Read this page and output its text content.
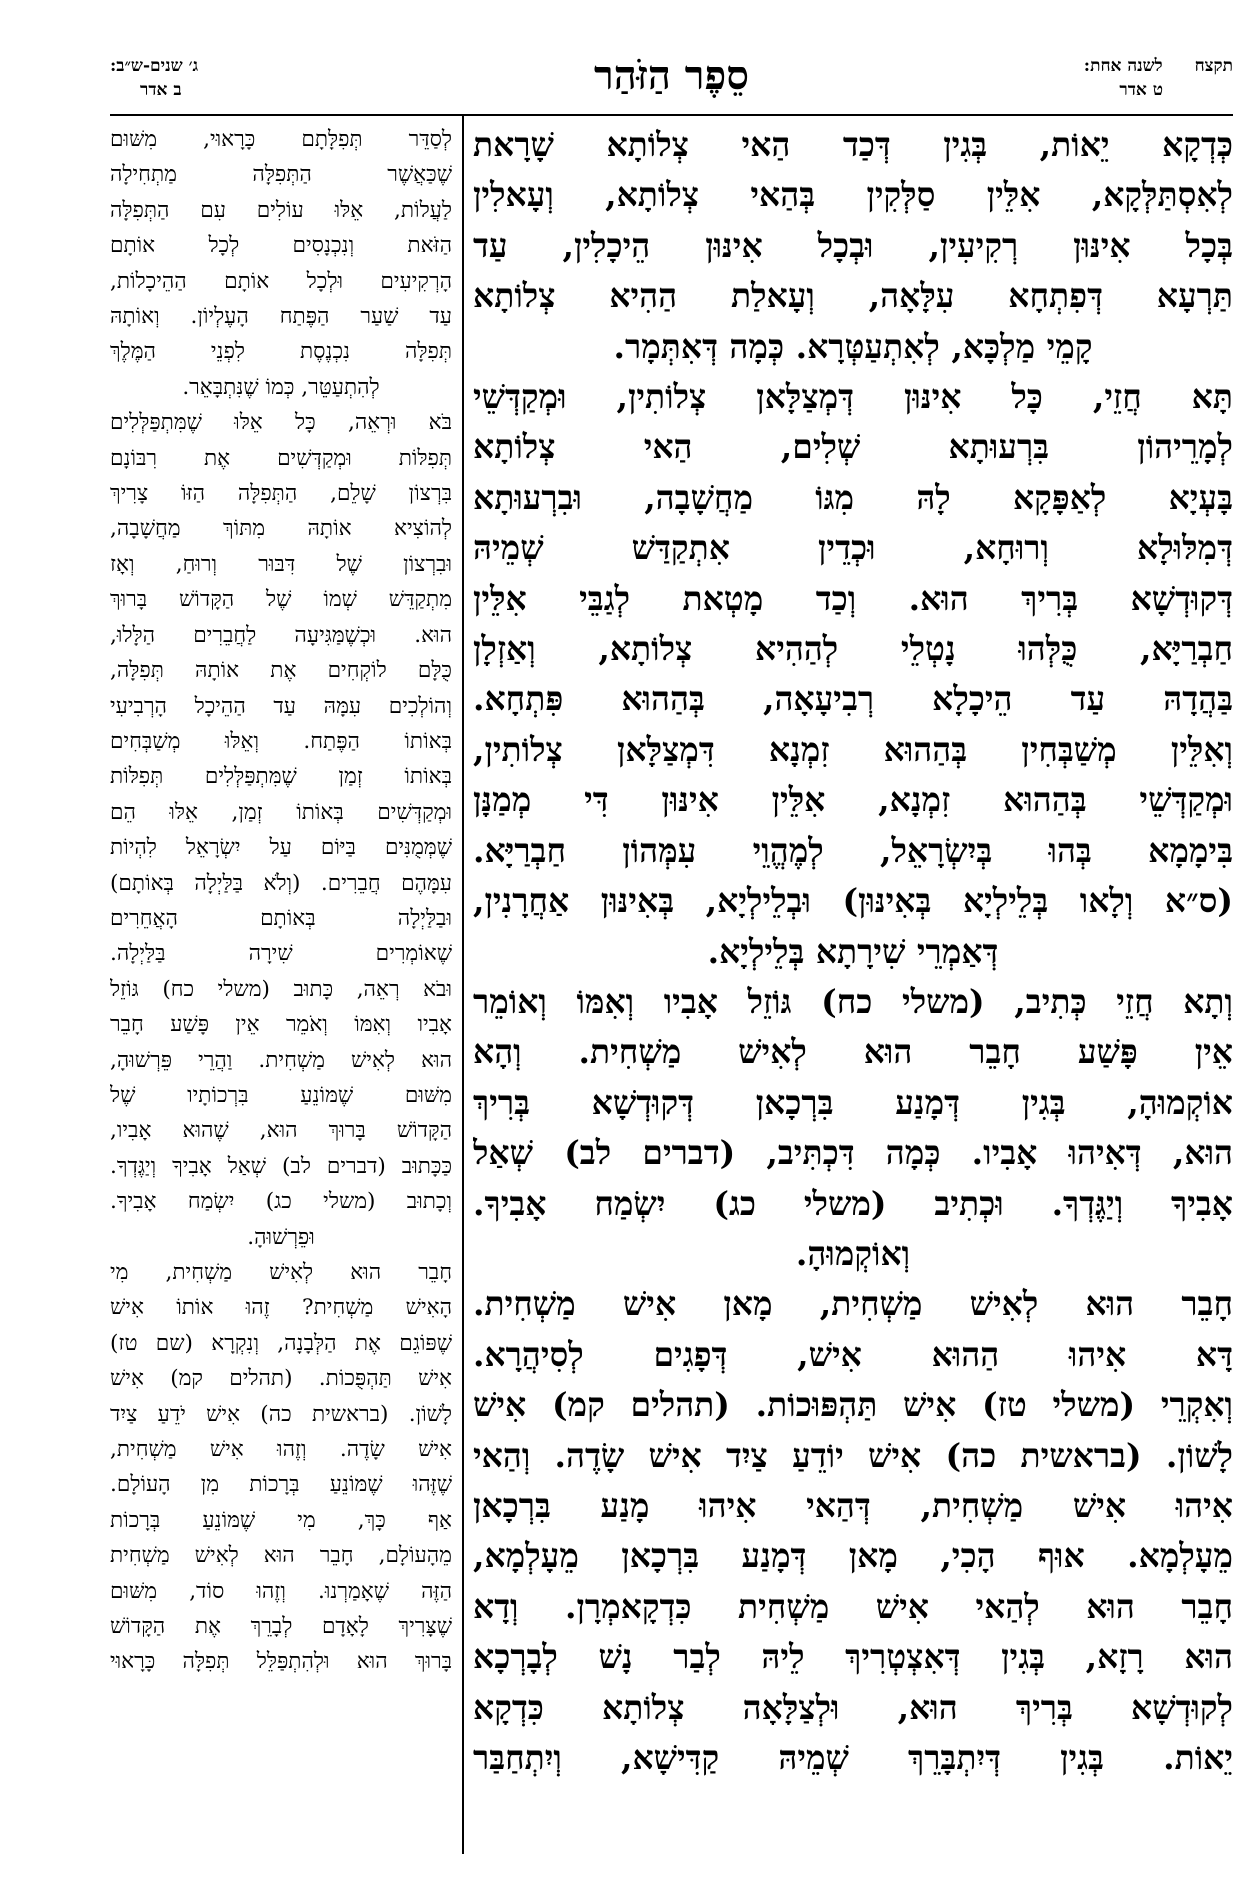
תקצח לשנה אחת:
ט אדר
סֵפֶר הַזֹּהַר
ג׳ שנים-ש״ב:
ב אדר
כְּדְקָא יֵאוֹת, בְּגִין דְּכַד הַאי צְלוֹתָא שָׁרָאת
לְאִסְתַּלְּקָא, אִלֵּין סַלְּקִין בְּהַאי צְלוֹתָא, וְעָאלִין
בְּכָל אִינּוּן רְקִיעִין, וּבְכָל אִינּוּן הֵיכָלִין, עַד
תַּרְעָא דְּפִתְחָא עִלָּאָה, וְעָאלַת הַהִיא צְלוֹתָא
קָמֵי מַלְכָּא, לְאִתְעַטְּרָא. כְּמָה דְּאִתְּמָר.
תָּא חֲזֵי, כָּל אִינּוּן דְּמְצַלָּאן צְלוֹתִין, וּמְקַדְּשֵׁי
לְמָרֵיהוֹן בִּרְעוּתָא שְׁלִים, הַאי צְלוֹתָא
בָּעְיָא לְאַפָּקָא לָהּ מִגּוֹ מַחֲשָׁבָה, וּבִרְעוּתָא
דְּמִלּוּלָא וְרוּחָא, וּכְדֵין אִתְקַדַּשׁ שְׁמֵיהּ
דְּקוּדְשָׁא בְּרִיךְ הוּא. וְכַד מָטְאת לְגַבֵּי אִלֵּין
חַבְרַיָּא, כֻּלְּהוּ נָטְלֵי לְהַהִיא צְלוֹתָא, וְאַזְלָן
בַּהֲדָהּ עַד הֵיכָלָא רְבִיעָאָה, בְּהַהוּא פִּתְחָא.
וְאִלֵּין מְשַׁבְּחִין בְּהַהוּא זִמְנָא דִּמְצַלָּאן צְלוֹתִין,
וּמְקַדְּשֵׁי בְּהַהוּא זִמְנָא, אִלֵּין אִינּוּן דִּי מְמַנָּן
בִּימָמָא בְּהוּ בְּיִשְׂרָאֵל, לְמֶהֱוֵי עִמְּהוֹן חַבְרַיָּא.
(ס״א וְלָאו בְּלֵילְיָא בְּאִינּוּן) וּבְלֵילְיָא, בְּאִינּוּן אַחֲרָנִין,
דְּאַמְרֵי שִׁירָתָא בְּלֵילְיָא.
וְתָא חֲזֵי כְּתִיב, (משלי כח) גּוֹזֵל אָבִיו וְאִמּוֹ וְאוֹמֵר
אֵין פָּשַׁע חָבֵר הוּא לְאִישׁ מַשְׁחִית. וְהָא
אוֹקְמוּהָ, בְּגִין דְּמָנַע בִּרְכָאן דְּקוּדְשָׁא בְּרִיךְ
הוּא, דְּאִיהוּ אָבִיו. כְּמָה דִּכְתִּיב, (דברים לב) שְׁאַל
אָבִיךָ וְיַגֶּדְךָ. וּכְתִיב (משלי כג) יִשְׂמַח אָבִיךָ.
וְאוֹקְמוּהָ.
חָבֵר הוּא לְאִישׁ מַשְׁחִית, מָאן אִישׁ מַשְׁחִית.
דָּא אִיהוּ הַהוּא אִישׁ, דְּפָגִים לְסִיהֲרָא.
וְאִקְרֵי (משלי טז) אִישׁ תַּהְפּוּכוֹת. (תהלים קמ) אִישׁ
לָשׁוֹן. (בראשית כה) אִישׁ יוֹדֵעַ צַיִד אִישׁ שָׂדֶה. וְהַאי
אִיהוּ אִישׁ מַשְׁחִית, דְּהַאי אִיהוּ מָנַע בִּרְכָאן
מֵעָלְמָא. אוּף הָכִי, מָאן דְּמָנַע בִּרְכָאן מֵעָלְמָא,
חָבֵר הוּא לְהַאי אִישׁ מַשְׁחִית כִּדְקָאמְרָן. וְדָא
הוּא רָזָא, בְּגִין דְּאִצְטְרִיךְ לֵיהּ לְבַר נָשׁ לְבָרְכָא
לְקוּדְשָׁא בְּרִיךְ הוּא, וּלְצַלָּאָה צְלוֹתָא כִּדְקָא
יֵאוֹת. בְּגִין דְּיִתְבָּרֵךְ שְׁמֵיהּ קַדִּישָׁא, וְיִתְחַבַּר
לְסַדֵּר תְּפִלָּתָם כָּרָאוּי, מִשּׁוּם
שֶׁכַּאֲשֶׁר הַתְּפִלָּה מַתְחִילָה
לַעֲלוֹת, אֵלּוּ עוֹלִים עִם הַתְּפִלָּה
הַזֹּאת וְנִכְנָסִים לְכָל אוֹתָם
הָרְקִיעִים וּלְכָל אוֹתָם הַהֵיכָלוֹת,
עַד שַׁעַר הַפֶּתַח הָעֶלְיוֹן. וְאוֹתָהּ
תְּפִלָּה נִכְנֶסֶת לִפְנֵי הַמֶּלֶךְ
לְהִתְעַטֵּר, כְּמוֹ שֶׁנִּתְבָּאֵר.
בֹּא וּרְאֵה, כָּל אֵלּוּ שֶׁמִּתְפַּלְּלִים
תְּפִלּוֹת וּמְקַדְּשִׁים אֶת רִבּוֹנָם
בִּרְצוֹן שָׁלֵם, הַתְּפִלָּה הַזּוֹ צָרִיךְ
לְהוֹצִיא אוֹתָהּ מִתּוֹךְ מַחֲשָׁבָה,
וּבִרְצוֹן שֶׁל דִּבּוּר וְרוּחַ, וְאָז
מִתְקַדֵּשׁ שְׁמוֹ שֶׁל הַקָּדוֹשׁ בָּרוּךְ
הוּא. וּכְשֶׁמַּגִּיעָה לַחֲבֵרִים הַלָּלוּ,
כֻּלָּם לוֹקְחִים אֶת אוֹתָהּ תְּפִלָּה,
וְהוֹלְכִים עִמָּהּ עַד הַהֵיכָל הָרְבִיעִי
בְּאוֹתוֹ הַפֶּתַח. וְאֵלּוּ מְשַׁבְּחִים
בְּאוֹתוֹ זְמַן שֶׁמִּתְפַּלְּלִים תְּפִלּוֹת
וּמְקַדְּשִׁים בְּאוֹתוֹ זְמַן, אֵלּוּ הֵם
שֶׁמְּמֻנִּים בַּיּוֹם עַל יִשְׂרָאֵל לִהְיוֹת
עִמָּהֶם חֲבֵרִים. (וְלֹא בַּלַּיְלָה בְּאוֹתָם)
וּבַלַּיְלָה בְּאוֹתָם הָאֲחֵרִים
שֶׁאוֹמְרִים שִׁירָה בַּלַּיְלָה.
וּבֹא רְאֵה, כָּתוּב (משלי כח) גּוֹזֵל
אָבִיו וְאִמּוֹ וְאֹמֵר אֵין פָּשַׁע חָבֵר
הוּא לְאִישׁ מַשְׁחִית. וַהֲרֵי פֵּרְשׁוּהָ,
מִשּׁוּם שֶׁמּוֹנֵעַ בִּרְכוֹתָיו שֶׁל
הַקָּדוֹשׁ בָּרוּךְ הוּא, שֶׁהוּא אָבִיו,
כַּכָּתוּב (דברים לב) שְׁאַל אָבִיךָ וְיַגֶּדְךָ.
וְכָתוּב (משלי כג) יִשְׂמַח אָבִיךָ.
וּפֵרְשׁוּהָ.
חָבֵר הוּא לְאִישׁ מַשְׁחִית, מִי
הָאִישׁ מַשְׁחִית? זֶהוּ אוֹתוֹ אִישׁ
שֶׁפּוֹגֵם אֶת הַלְּבָנָה, וְנִקְרָא (שם טז)
אִישׁ תַּהְפֻּכוֹת. (תהלים קמ) אִישׁ
לָשׁוֹן. (בראשית כה) אִישׁ יֹדֵעַ צַיִד
אִישׁ שָׂדֶה. וְזֶהוּ אִישׁ מַשְׁחִית,
שֶׁזֶּהוּ שֶׁמּוֹנֵעַ בְּרָכוֹת מִן הָעוֹלָם.
אַף כָּךְ, מִי שֶׁמּוֹנֵעַ בְּרָכוֹת
מֵהָעוֹלָם, חָבֵר הוּא לְאִישׁ מַשְׁחִית
הַזֶּה שֶׁאָמַרְנוּ. וְזֶהוּ סוֹד, מִשּׁוּם
שֶׁצָּרִיךְ לָאָדָם לְבָרֵךְ אֶת הַקָּדוֹשׁ
בָּרוּךְ הוּא וּלְהִתְפַּלֵּל תְּפִלָּה כָּרָאוּי
